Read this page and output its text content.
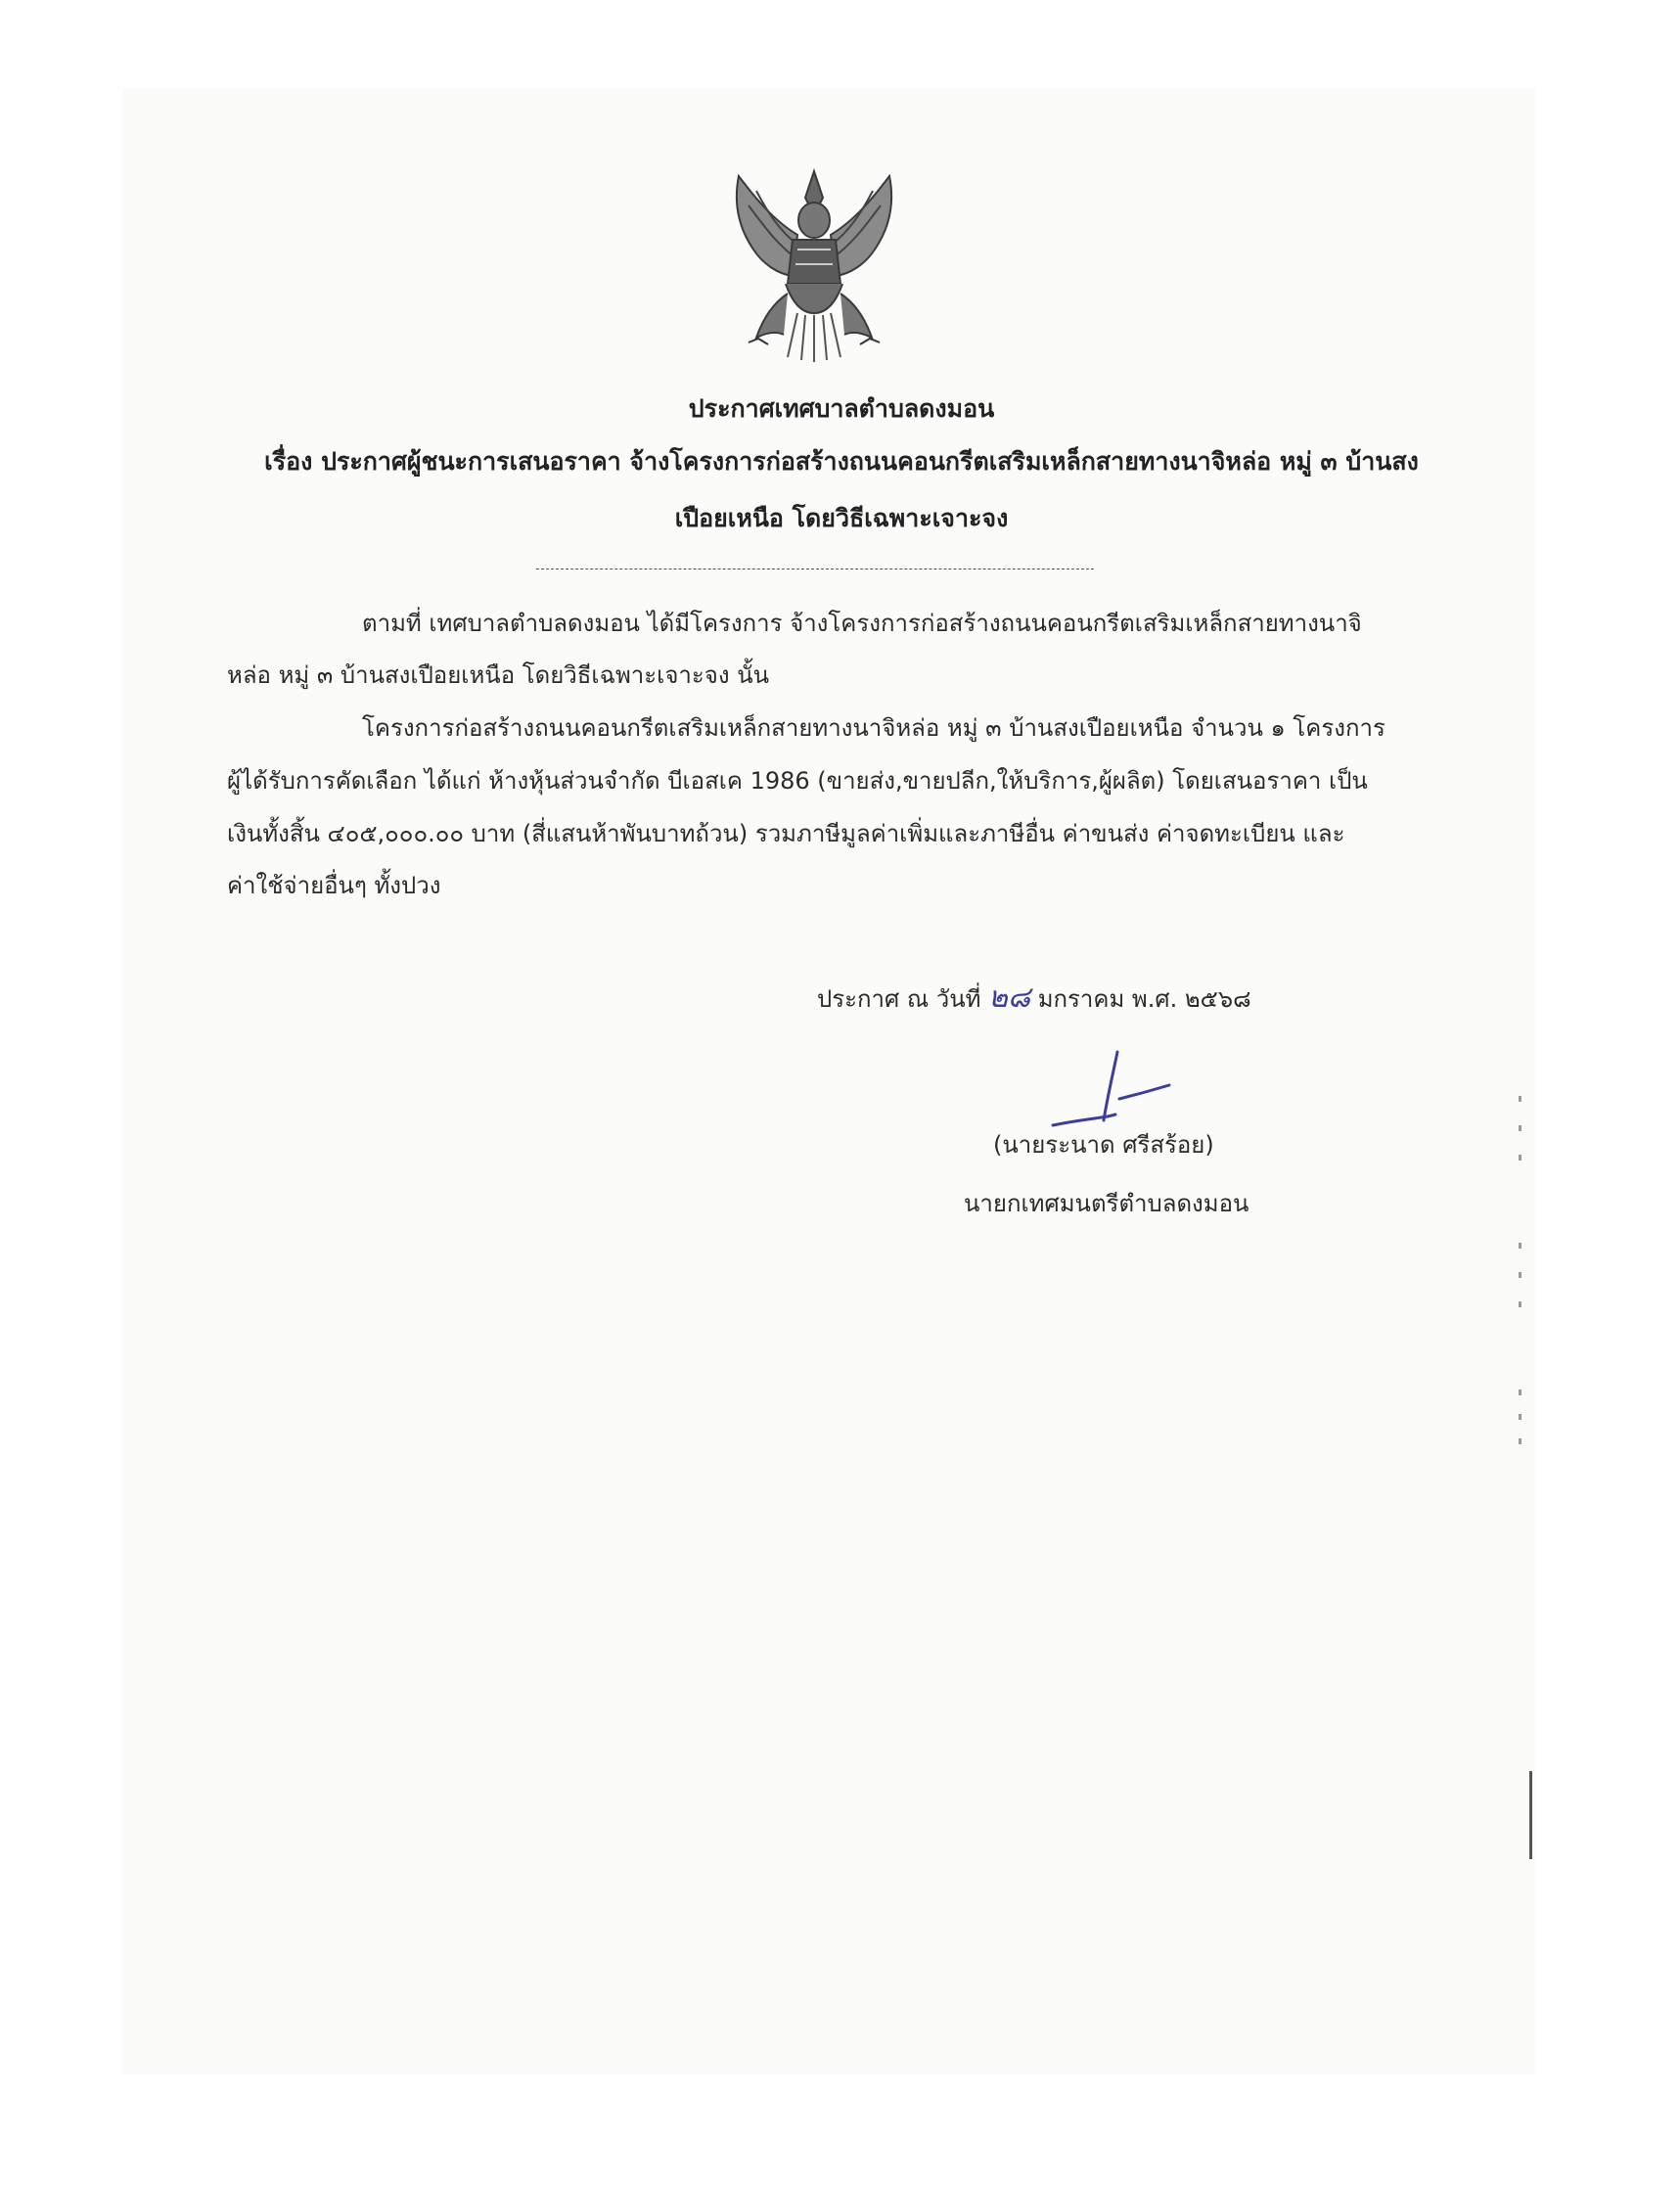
ประกาศเทศบาลตำบลดงมอน
เรื่อง ประกาศผู้ชนะการเสนอราคา จ้างโครงการก่อสร้างถนนคอนกรีตเสริมเหล็กสายทางนาจิหล่อ หมู่ ๓ บ้านสง
เปือยเหนือ โดยวิธีเฉพาะเจาะจง
ตามที่ เทศบาลตำบลดงมอน ได้มีโครงการ จ้างโครงการก่อสร้างถนนคอนกรีตเสริมเหล็กสายทางนาจิ
หล่อ หมู่ ๓ บ้านสงเปือยเหนือ โดยวิธีเฉพาะเจาะจง นั้น
โครงการก่อสร้างถนนคอนกรีตเสริมเหล็กสายทางนาจิหล่อ หมู่ ๓ บ้านสงเปือยเหนือ จำนวน ๑ โครงการ
ผู้ได้รับการคัดเลือก ได้แก่ ห้างหุ้นส่วนจำกัด บีเอสเค 1986 (ขายส่ง,ขายปลีก,ให้บริการ,ผู้ผลิต) โดยเสนอราคา เป็น
เงินทั้งสิ้น ๔๐๕,๐๐๐.๐๐ บาท (สี่แสนห้าพันบาทถ้วน) รวมภาษีมูลค่าเพิ่มและภาษีอื่น ค่าขนส่ง ค่าจดทะเบียน และ
ค่าใช้จ่ายอื่นๆ ทั้งปวง
ประกาศ ณ วันที่ ๒๘ มกราคม พ.ศ. ๒๕๖๘
(นายระนาด ศรีสร้อย)
นายกเทศมนตรีตำบลดงมอน
